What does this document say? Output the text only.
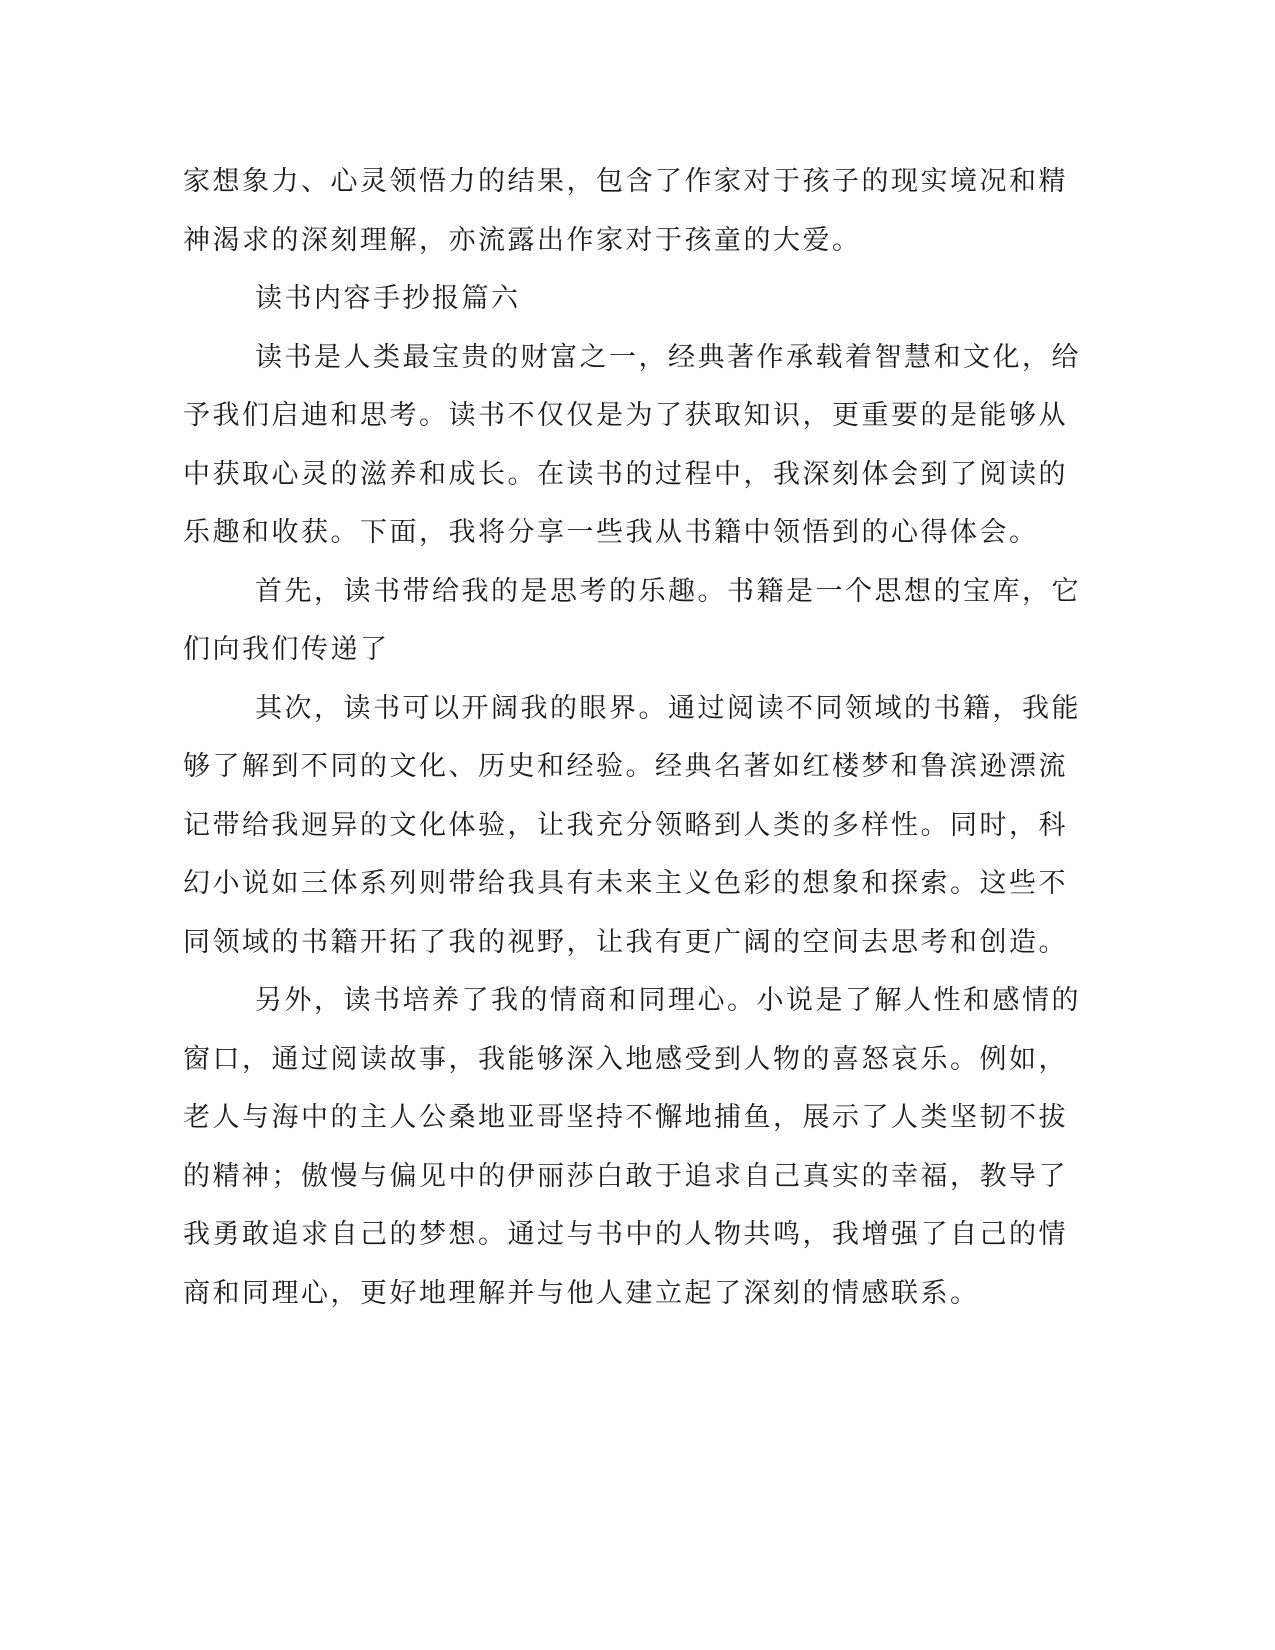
家想象力、心灵领悟力的结果，包含了作家对于孩子的现实境况和精
神渴求的深刻理解，亦流露出作家对于孩童的大爱。
读书内容手抄报篇六
读书是人类最宝贵的财富之一，经典著作承载着智慧和文化，给
予我们启迪和思考。读书不仅仅是为了获取知识，更重要的是能够从
中获取心灵的滋养和成长。在读书的过程中，我深刻体会到了阅读的
乐趣和收获。下面，我将分享一些我从书籍中领悟到的心得体会。
首先，读书带给我的是思考的乐趣。书籍是一个思想的宝库，它
们向我们传递了
其次，读书可以开阔我的眼界。通过阅读不同领域的书籍，我能
够了解到不同的文化、历史和经验。经典名著如红楼梦和鲁滨逊漂流
记带给我迥异的文化体验，让我充分领略到人类的多样性。同时，科
幻小说如三体系列则带给我具有未来主义色彩的想象和探索。这些不
同领域的书籍开拓了我的视野，让我有更广阔的空间去思考和创造。
另外，读书培养了我的情商和同理心。小说是了解人性和感情的
窗口，通过阅读故事，我能够深入地感受到人物的喜怒哀乐。例如，
老人与海中的主人公桑地亚哥坚持不懈地捕鱼，展示了人类坚韧不拔
的精神；傲慢与偏见中的伊丽莎白敢于追求自己真实的幸福，教导了
我勇敢追求自己的梦想。通过与书中的人物共鸣，我增强了自己的情
商和同理心，更好地理解并与他人建立起了深刻的情感联系。
